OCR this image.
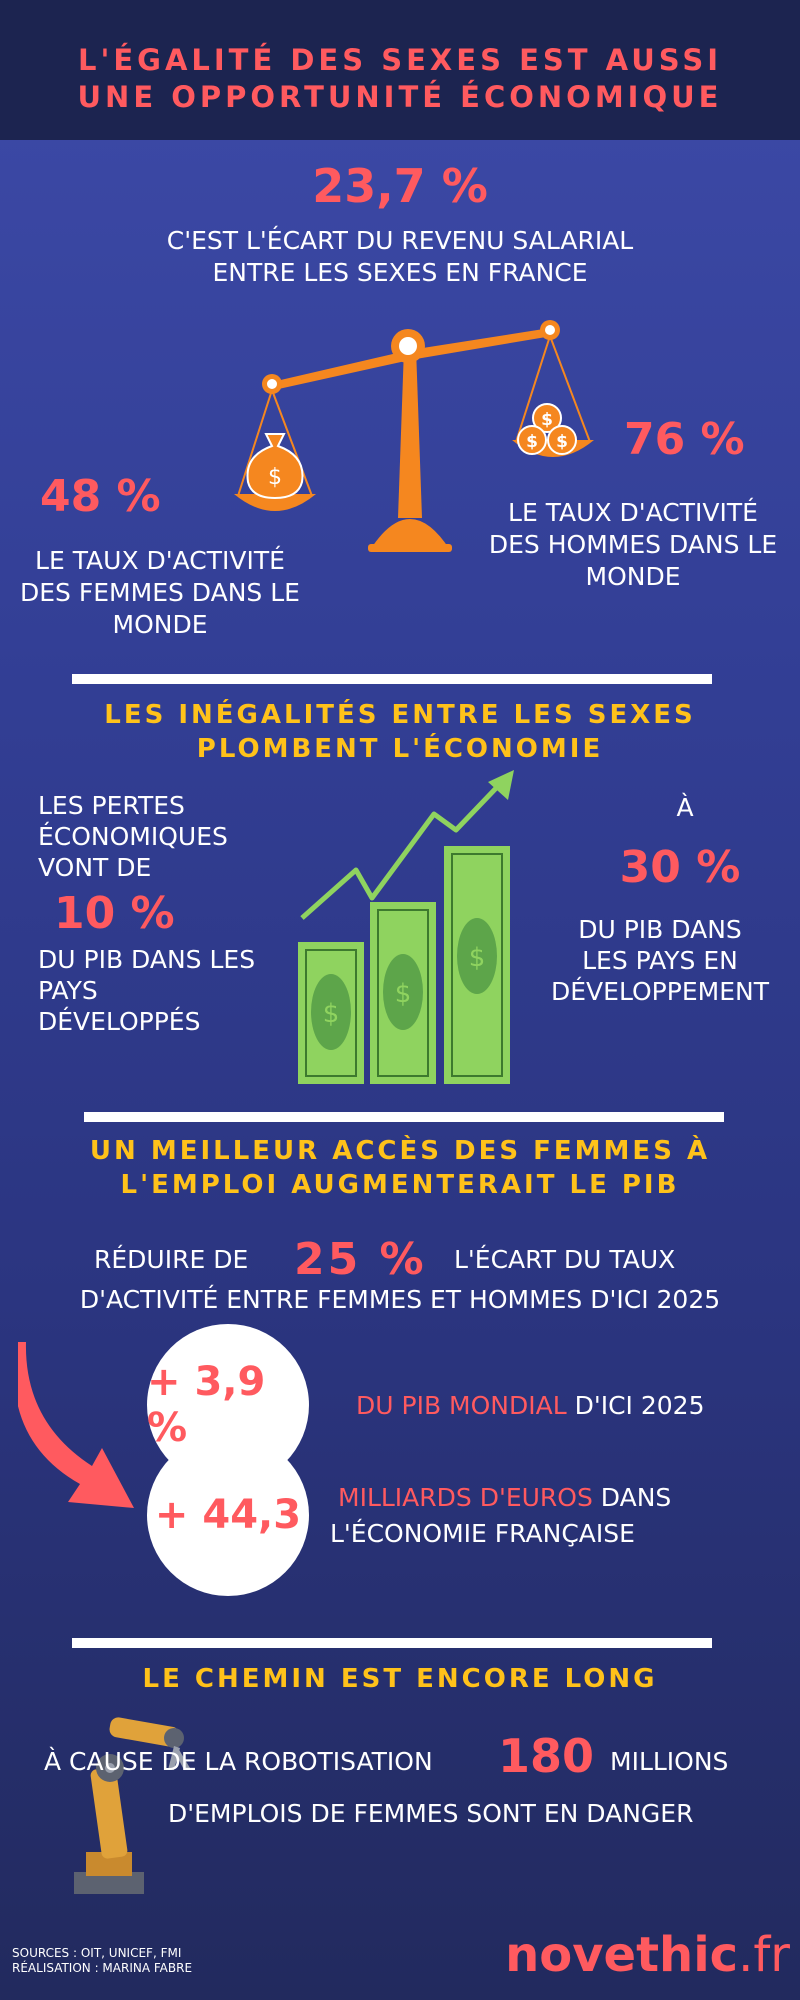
L'ÉGALITÉ DES SEXES EST AUSSI
UNE OPPORTUNITÉ ÉCONOMIQUE
23,7 %
C'EST L'ÉCART DU REVENU SALARIAL
ENTRE LES SEXES EN FRANCE
$
$
$ $
48 %
LE TAUX D'ACTIVITÉ
DES FEMMES DANS LE
MONDE
76 %
LE TAUX D'ACTIVITÉ
DES HOMMES DANS LE
MONDE
LES INÉGALITÉS ENTRE LES SEXES
PLOMBENT L'ÉCONOMIE
LES PERTES
ÉCONOMIQUES
VONT DE
10 %
DU PIB DANS LES
PAYS
DÉVELOPPÉS	$
$
$
À
30 %
DU PIB DANS
LES PAYS EN
DÉVELOPPEMENT
UN MEILLEUR ACCÈS DES FEMMES À
L'EMPLOI AUGMENTERAIT LE PIB
RÉDUIRE DE	25 %	L'ÉCART DU TAUX
D'ACTIVITÉ ENTRE FEMMES ET HOMMES D'ICI 2025
+ 3,9 %
+ 44,3
DU PIB MONDIAL D'ICI 2025
MILLIARDS D'EUROS DANS
L'ÉCONOMIE FRANÇAISE
LE CHEMIN EST ENCORE LONG
À CAUSE DE LA ROBOTISATION	180 MILLIONS
D'EMPLOIS DE FEMMES SONT EN DANGER
SOURCES : OIT, UNICEF, FMI
RÉALISATION : MARINA FABRE	novethic.fr
